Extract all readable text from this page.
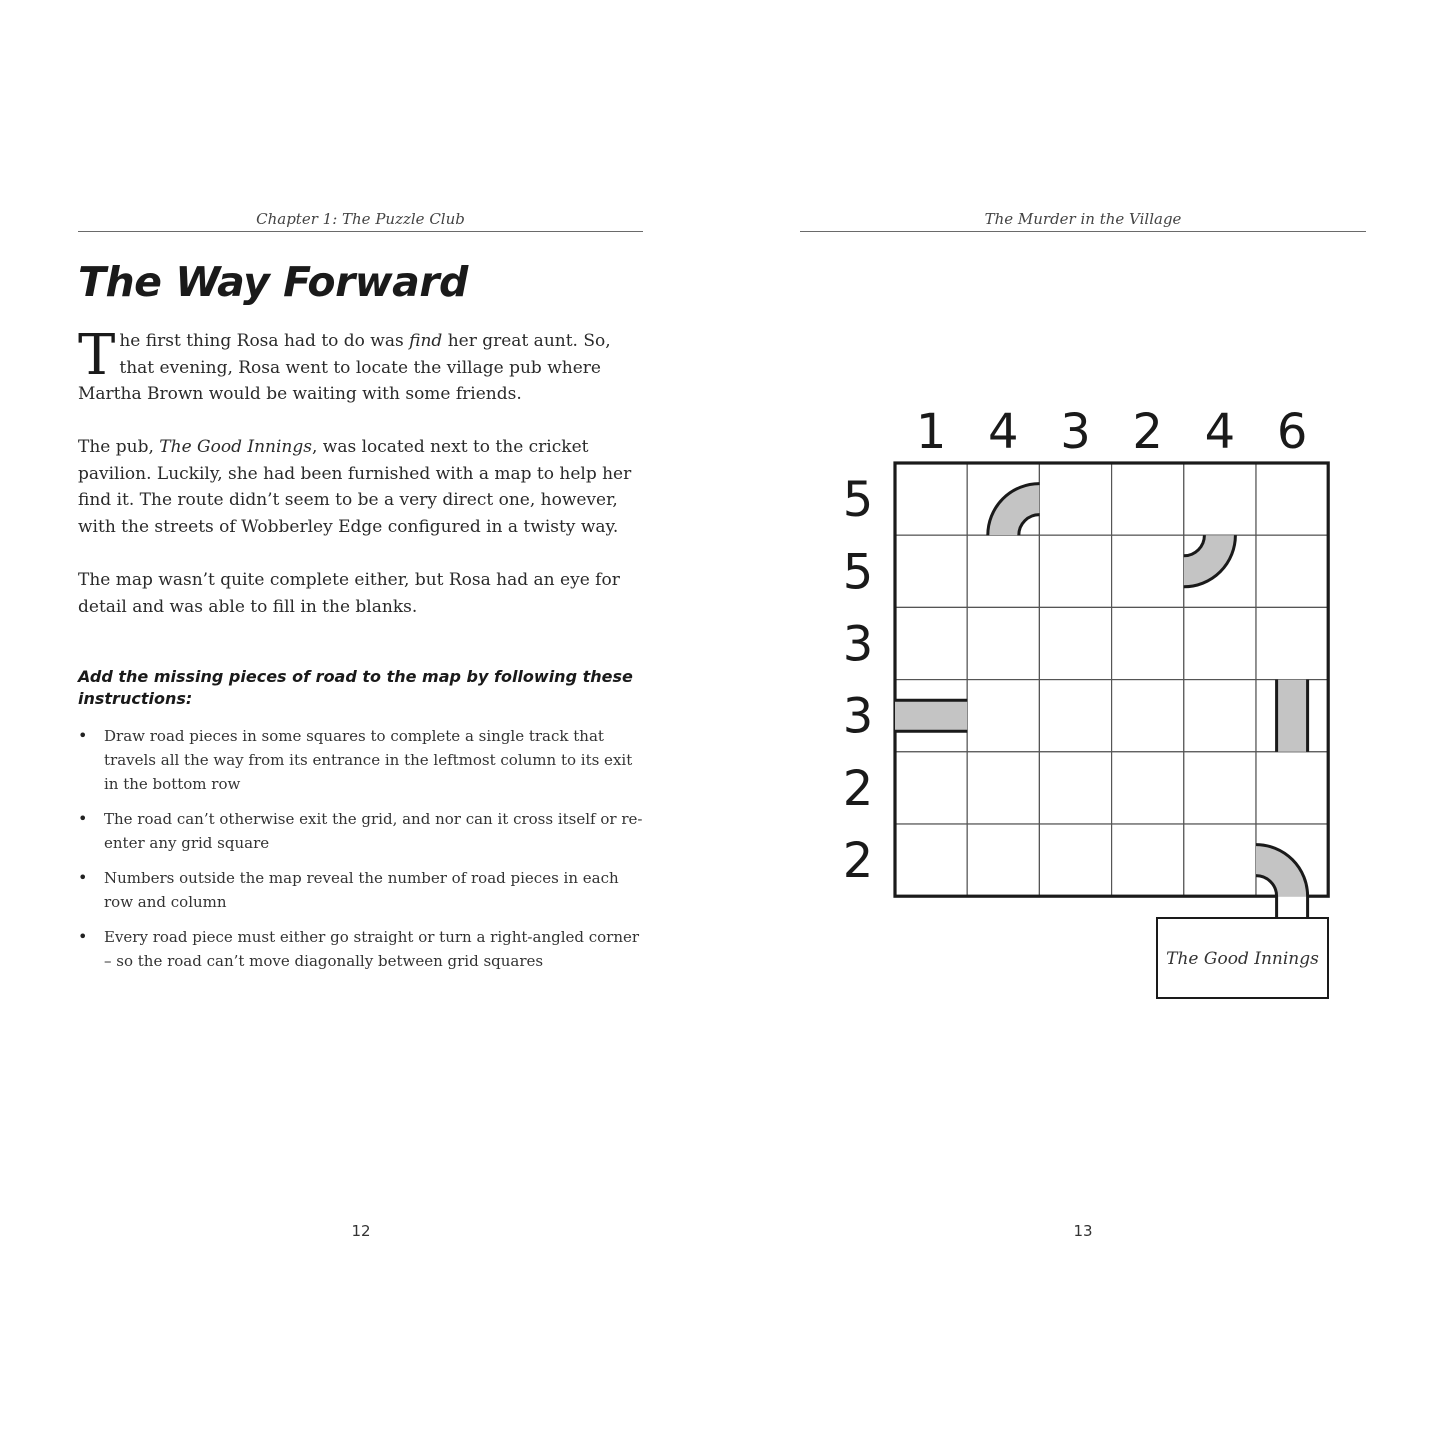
Chapter 1: The Puzzle Club
The Way Forward

The first thing Rosa had to do was find her great aunt. So, that evening, Rosa went to locate the village pub where Martha Brown would be waiting with some friends.

The pub, The Good Innings, was located next to the cricket pavilion. Luckily, she had been furnished with a map to help her find it. The route didn’t seem to be a very direct one, however, with the streets of Wobberley Edge configured in a twisty way.

The map wasn’t quite complete either, but Rosa had an eye for detail and was able to fill in the blanks.

Add the missing pieces of road to the map by following these instructions:
• Draw road pieces in some squares to complete a single track that travels all the way from its entrance in the leftmost column to its exit in the bottom row
• The road can’t otherwise exit the grid, and nor can it cross itself or re-enter any grid square
• Numbers outside the map reveal the number of road pieces in each row and column
• Every road piece must either go straight or turn a right-angled corner – so the road can’t move diagonally between grid squares
12
The Murder in the Village
13
1 4 3 2 4 6
5
5
3
3
2
2
The Good Innings
